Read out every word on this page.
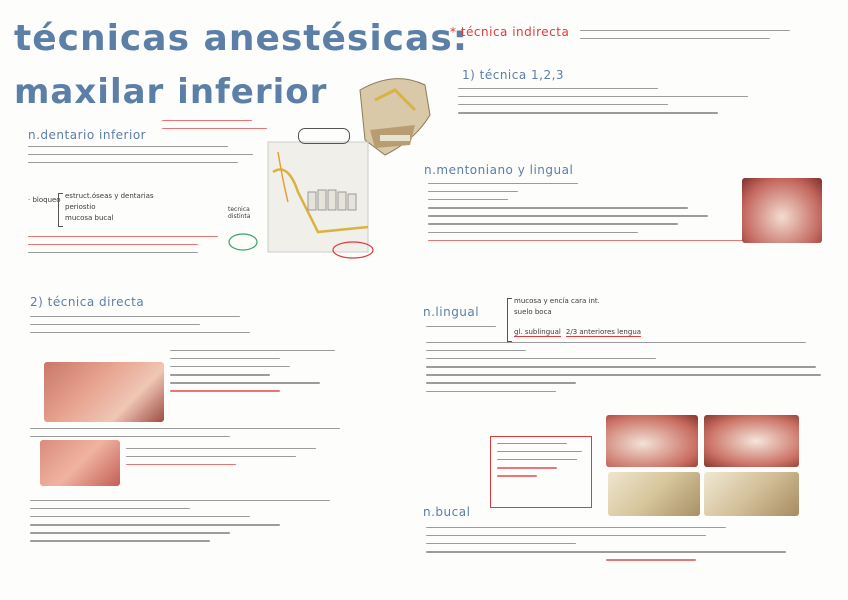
técnicas anestésicas:
maxilar inferior
n.dentario inferior
· bloqueo estruct.óseas y dentarias
periostio
mucosa bucal
tecnica distinta
2) técnica directa
* técnica indirecta
1) técnica 1,2,3
n.mentoniano y lingual
n.lingual
mucosa y encía cara int.
suelo boca
gl. sublingual 2/3 anteriores lengua
n.bucal
